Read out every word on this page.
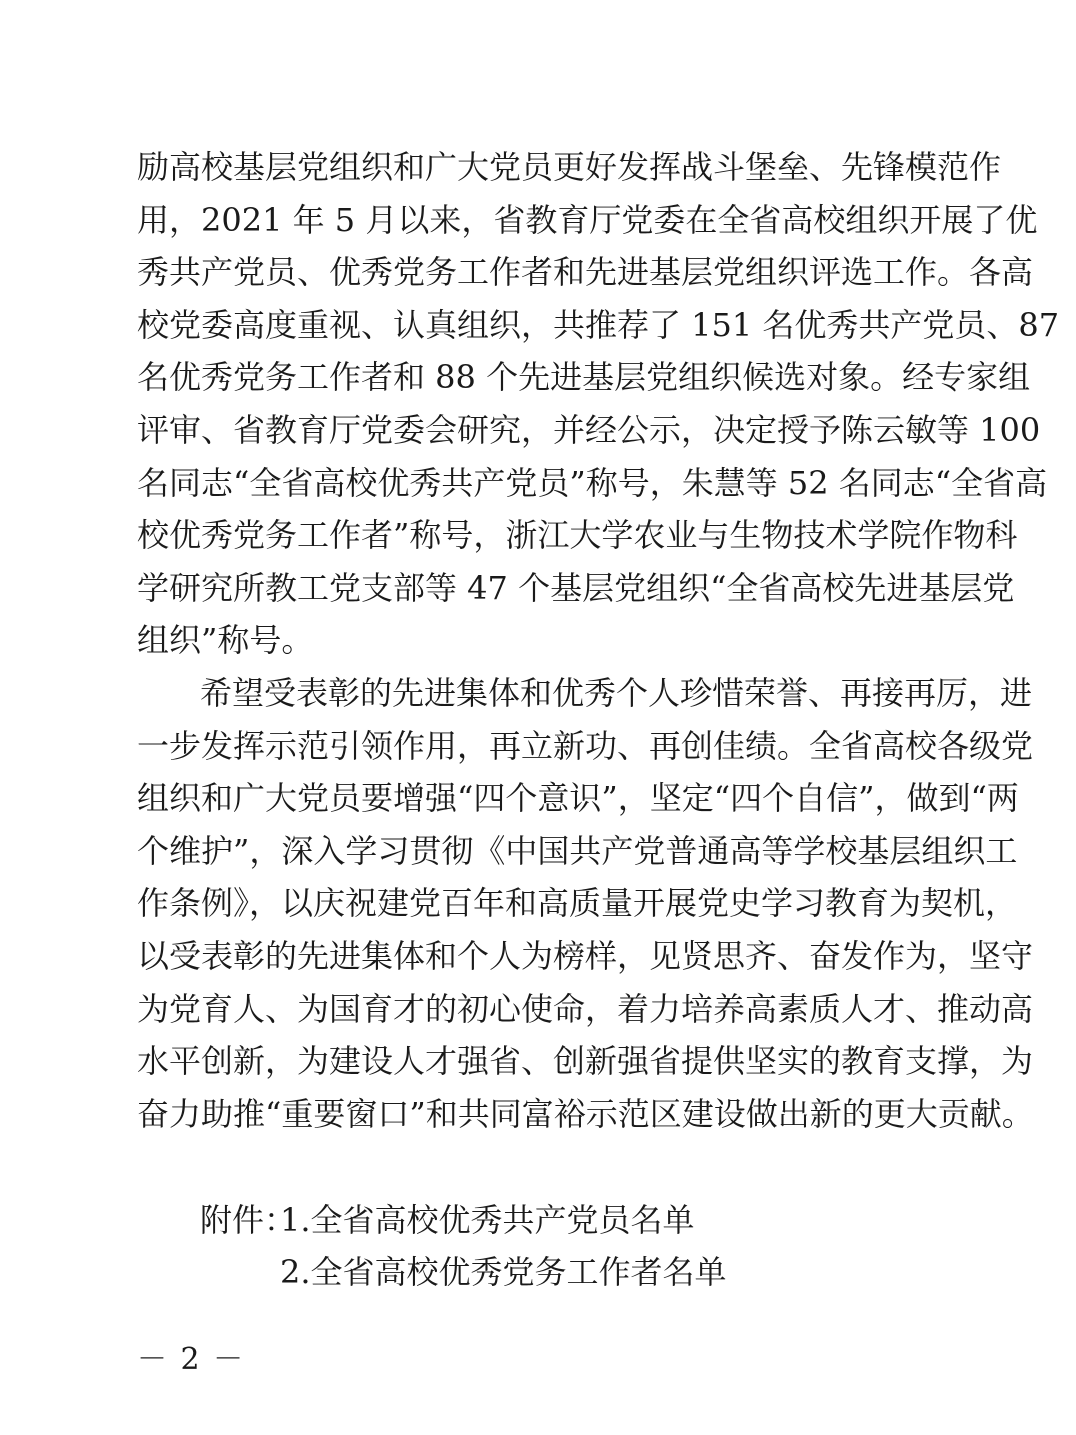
励高校基层党组织和广大党员更好发挥战斗堡垒、先锋模范作
用，2021 年 5 月以来，省教育厅党委在全省高校组织开展了优
秀共产党员、优秀党务工作者和先进基层党组织评选工作。各高
校党委高度重视、认真组织，共推荐了 151 名优秀共产党员、87
名优秀党务工作者和 88 个先进基层党组织候选对象。经专家组
评审、省教育厅党委会研究，并经公示，决定授予陈云敏等 100
名同志“全省高校优秀共产党员”称号，朱慧等 52 名同志“全省高
校优秀党务工作者”称号，浙江大学农业与生物技术学院作物科
学研究所教工党支部等 47 个基层党组织“全省高校先进基层党
组织”称号。
希望受表彰的先进集体和优秀个人珍惜荣誉、再接再厉，进
一步发挥示范引领作用，再立新功、再创佳绩。全省高校各级党
组织和广大党员要增强“四个意识”，坚定“四个自信”，做到“两
个维护”，深入学习贯彻《中国共产党普通高等学校基层组织工
作条例》，以庆祝建党百年和高质量开展党史学习教育为契机，
以受表彰的先进集体和个人为榜样，见贤思齐、奋发作为，坚守
为党育人、为国育才的初心使命，着力培养高素质人才、推动高
水平创新，为建设人才强省、创新强省提供坚实的教育支撑，为
奋力助推“重要窗口”和共同富裕示范区建设做出新的更大贡献。
附件：
1.全省高校优秀共产党员名单
2.全省高校优秀党务工作者名单
－ 2 －
